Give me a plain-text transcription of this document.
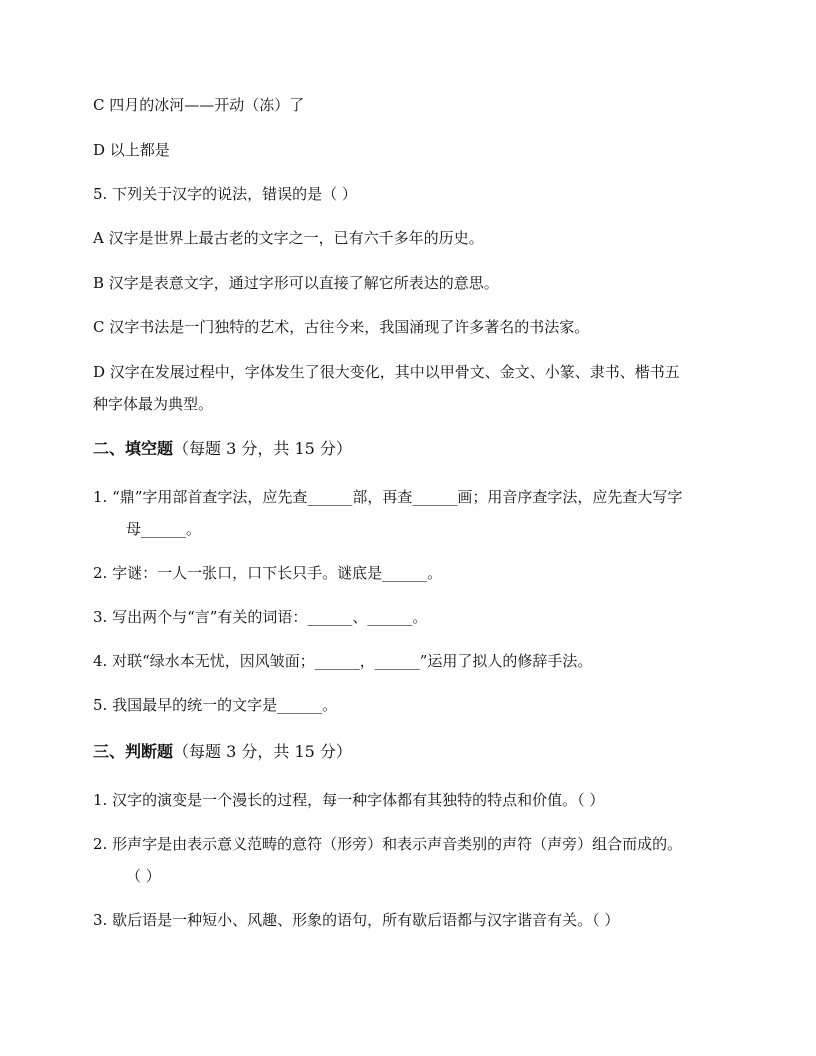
C 四月的冰河——开动（冻）了
D 以上都是
5. 下列关于汉字的说法，错误的是（ ）
A 汉字是世界上最古老的文字之一，已有六千多年的历史。
B 汉字是表意文字，通过字形可以直接了解它所表达的意思。
C 汉字书法是一门独特的艺术，古往今来，我国涌现了许多著名的书法家。
D 汉字在发展过程中，字体发生了很大变化，其中以甲骨文、金文、小篆、隶书、楷书五
种字体最为典型。
二、填空题（每题 3 分，共 15 分）
1. “鼎”字用部首查字法，应先查______部，再查______画；用音序查字法，应先查大写字
母______。
2. 字谜：一人一张口，口下长只手。谜底是______。
3. 写出两个与“言”有关的词语：______、______。
4. 对联“绿水本无忧，因风皱面；______，______”运用了拟人的修辞手法。
5. 我国最早的统一的文字是______。
三、判断题（每题 3 分，共 15 分）
1. 汉字的演变是一个漫长的过程，每一种字体都有其独特的特点和价值。（ ）
2. 形声字是由表示意义范畴的意符（形旁）和表示声音类别的声符（声旁）组合而成的。
（ ）
3. 歇后语是一种短小、风趣、形象的语句，所有歇后语都与汉字谐音有关。（ ）
